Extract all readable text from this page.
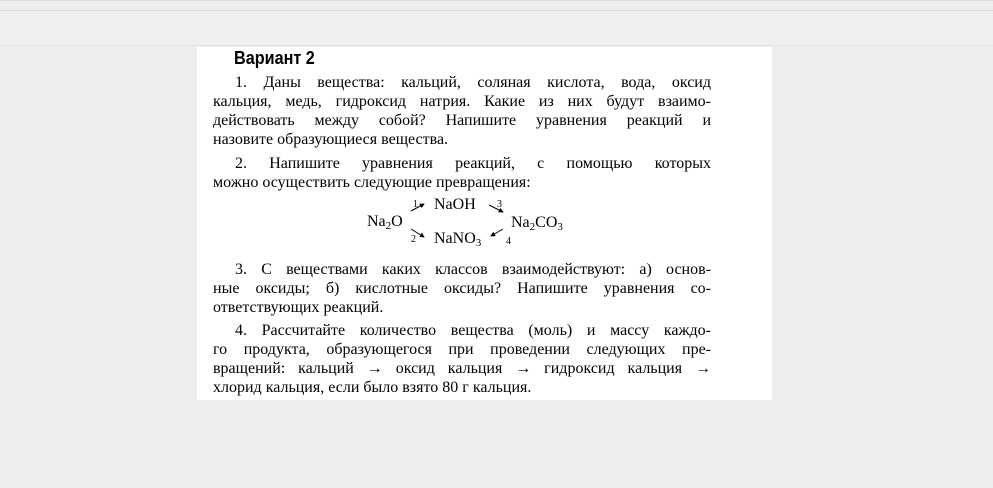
Вариант 2
1. Даны вещества: кальций, соляная кислота, вода, оксид
кальция, медь, гидроксид натрия. Какие из них будут взаимо-
действовать между собой? Напишите уравнения реакций и
назовите образующиеся вещества.
2. Напишите уравнения реакций, с помощью которых
можно осуществить следующие превращения:
$Na_2O$
1
2
3
4
NaOH
NaNO$_3$
$Na_2CO_3$
3. С веществами каких классов взаимодействуют: а) основ-
ные оксиды; б) кислотные оксиды? Напишите уравнения со-
ответствующих реакций.
4. Рассчитайте количество вещества (моль) и массу каждо-
го продукта, образующегося при проведении следующих пре-
вращений: кальций → оксид кальция → гидроксид кальция →
хлорид кальция, если было взято 80 г кальция.
